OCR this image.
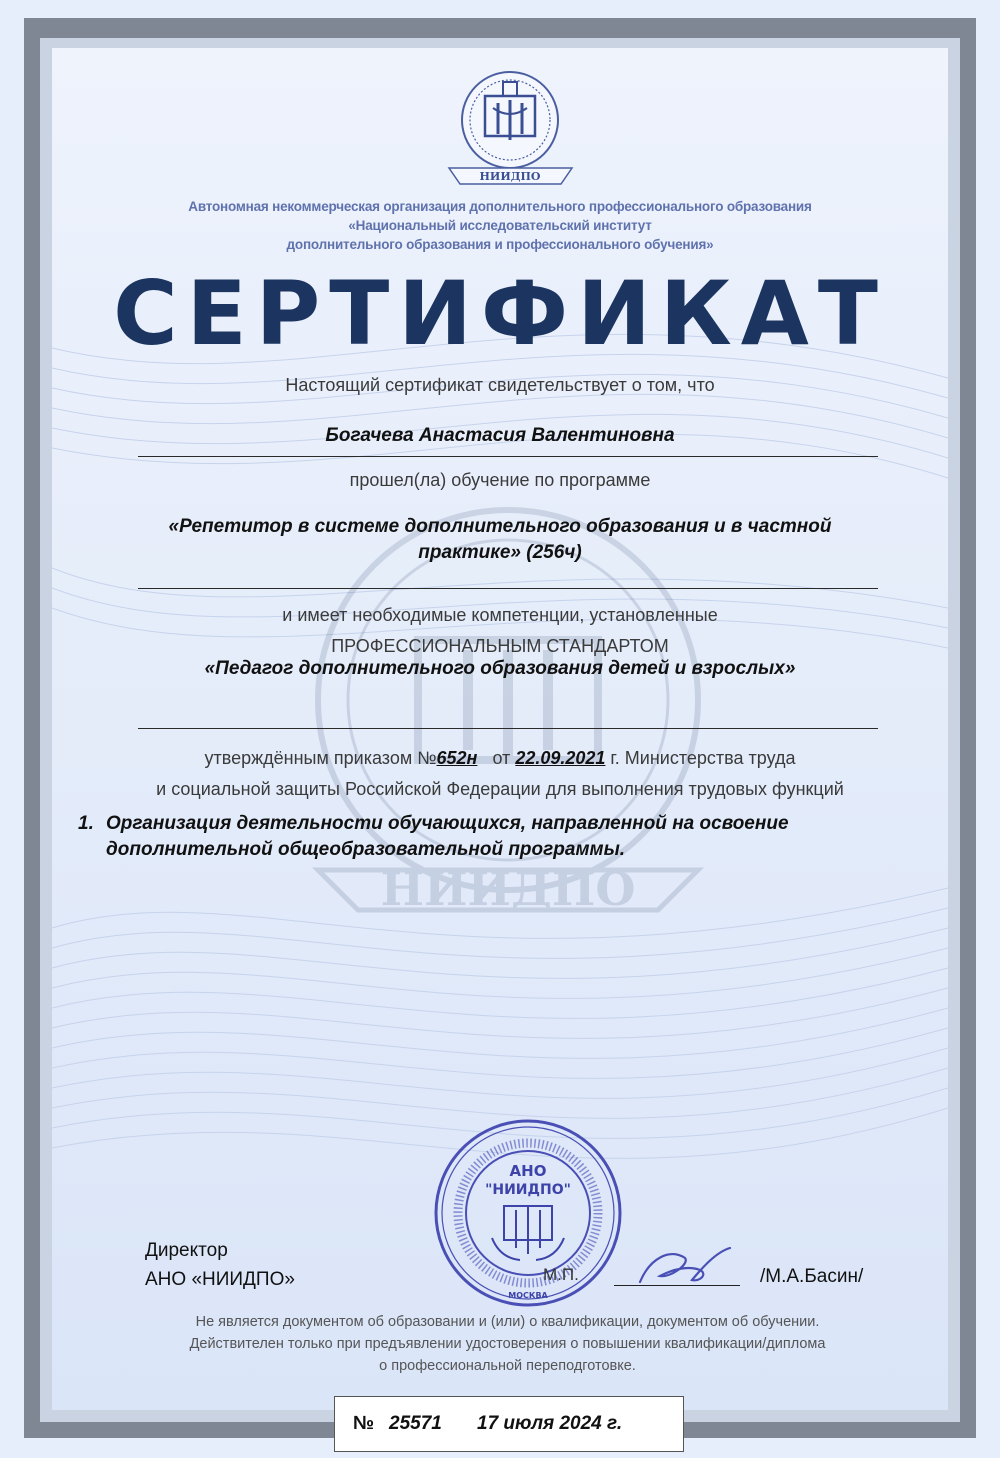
НИИДПО
НИИДПО
Автономная некоммерческая организация дополнительного профессионального образования
«Национальный исследовательский институт
дополнительного образования и профессионального обучения»
СЕРТИФИКАТ
Настоящий сертификат свидетельствует о том, что
Богачева Анастасия Валентиновна
прошел(ла) обучение по программе
«Репетитор в системе дополнительного образования и в частной
практике» (256ч)
и имеет необходимые компетенции, установленные
ПРОФЕССИОНАЛЬНЫМ СТАНДАРТОМ
«Педагог дополнительного образования детей и взрослых»
утверждённым приказом №652н от 22.09.2021 г. Министерства труда
и социальной защиты Российской Федерации для выполнения трудовых функций
1. Организация деятельности обучающихся, направленной на освоение
дополнительной общеобразовательной программы.
Директор
АНО «НИИДПО»
АНО
"НИИДПО"
МОСКВА
М.П.	/М.А.Басин/
Не является документом об образовании и (или) о квалификации, документом об обучении.
Действителен только при предъявлении удостоверения о повышении квалификации/диплома
о профессиональной переподготовке.
№ 25571 17 июля 2024 г.
